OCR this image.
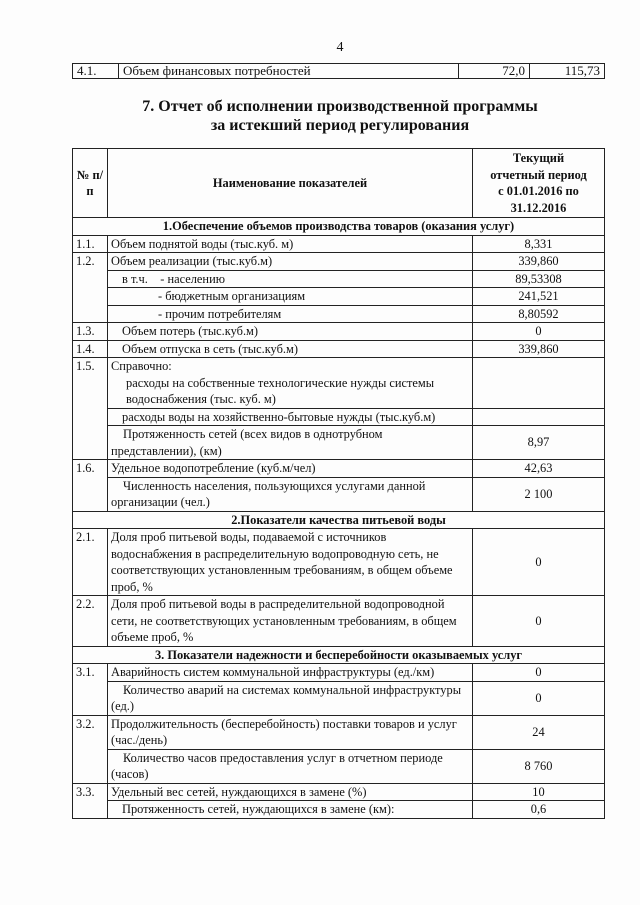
4
4.1.	Объем финансовых потребностей	72,0	115,73
7. Отчет об исполнении производственной программы
за истекший период регулирования
№ п/п	Наименование показателей	Текущий
отчетный период
с 01.01.2016 по
31.12.2016

1.Обеспечение объемов производства товаров (оказания услуг)		
1.1.	Объем поднятой воды (тыс.куб. м)	8,331
1.2.	Объем реализации (тыс.куб.м)	339,860
	в т.ч.    - населению	89,53308
	- бюджетным организациям	241,521
	- прочим потребителям	8,80592
1.3.	Объем потерь (тыс.куб.м)	0
1.4.	Объем отпуска в сеть (тыс.куб.м)	339,860
1.5.	Справочно:	
	расходы на собственные технологические нужды системы водоснабжения (тыс. куб. м)	
	расходы воды на хозяйственно-бытовые нужды (тыс.куб.м)	
	Протяженность сетей (всех видов в однотрубном представлении), (км)	8,97
1.6.	Удельное водопотребление (куб.м/чел)	42,63
	Численность населения, пользующихся услугами данной организации (чел.)	2 100
2.Показатели качества питьевой воды		
2.1.	Доля проб питьевой воды, подаваемой с источников водоснабжения в распределительную водопроводную сеть, не соответствующих установленным требованиям, в общем объеме проб, %	0
2.2.	Доля проб питьевой воды в распределительной водопроводной сети, не соответствующих установленным требованиям, в общем объеме проб, %	0
3. Показатели надежности и бесперебойности оказываемых услуг		
3.1.	Аварийность систем коммунальной инфраструктуры (ед./км)	0
	Количество аварий на системах коммунальной инфраструктуры (ед.)	0
3.2.	Продолжительность (бесперебойность) поставки товаров и услуг (час./день)	24
	Количество часов предоставления услуг в отчетном периоде (часов)	8 760
3.3.	Удельный вес сетей, нуждающихся в замене (%)	10
	Протяженность сетей, нуждающихся в замене (км):	0,6
